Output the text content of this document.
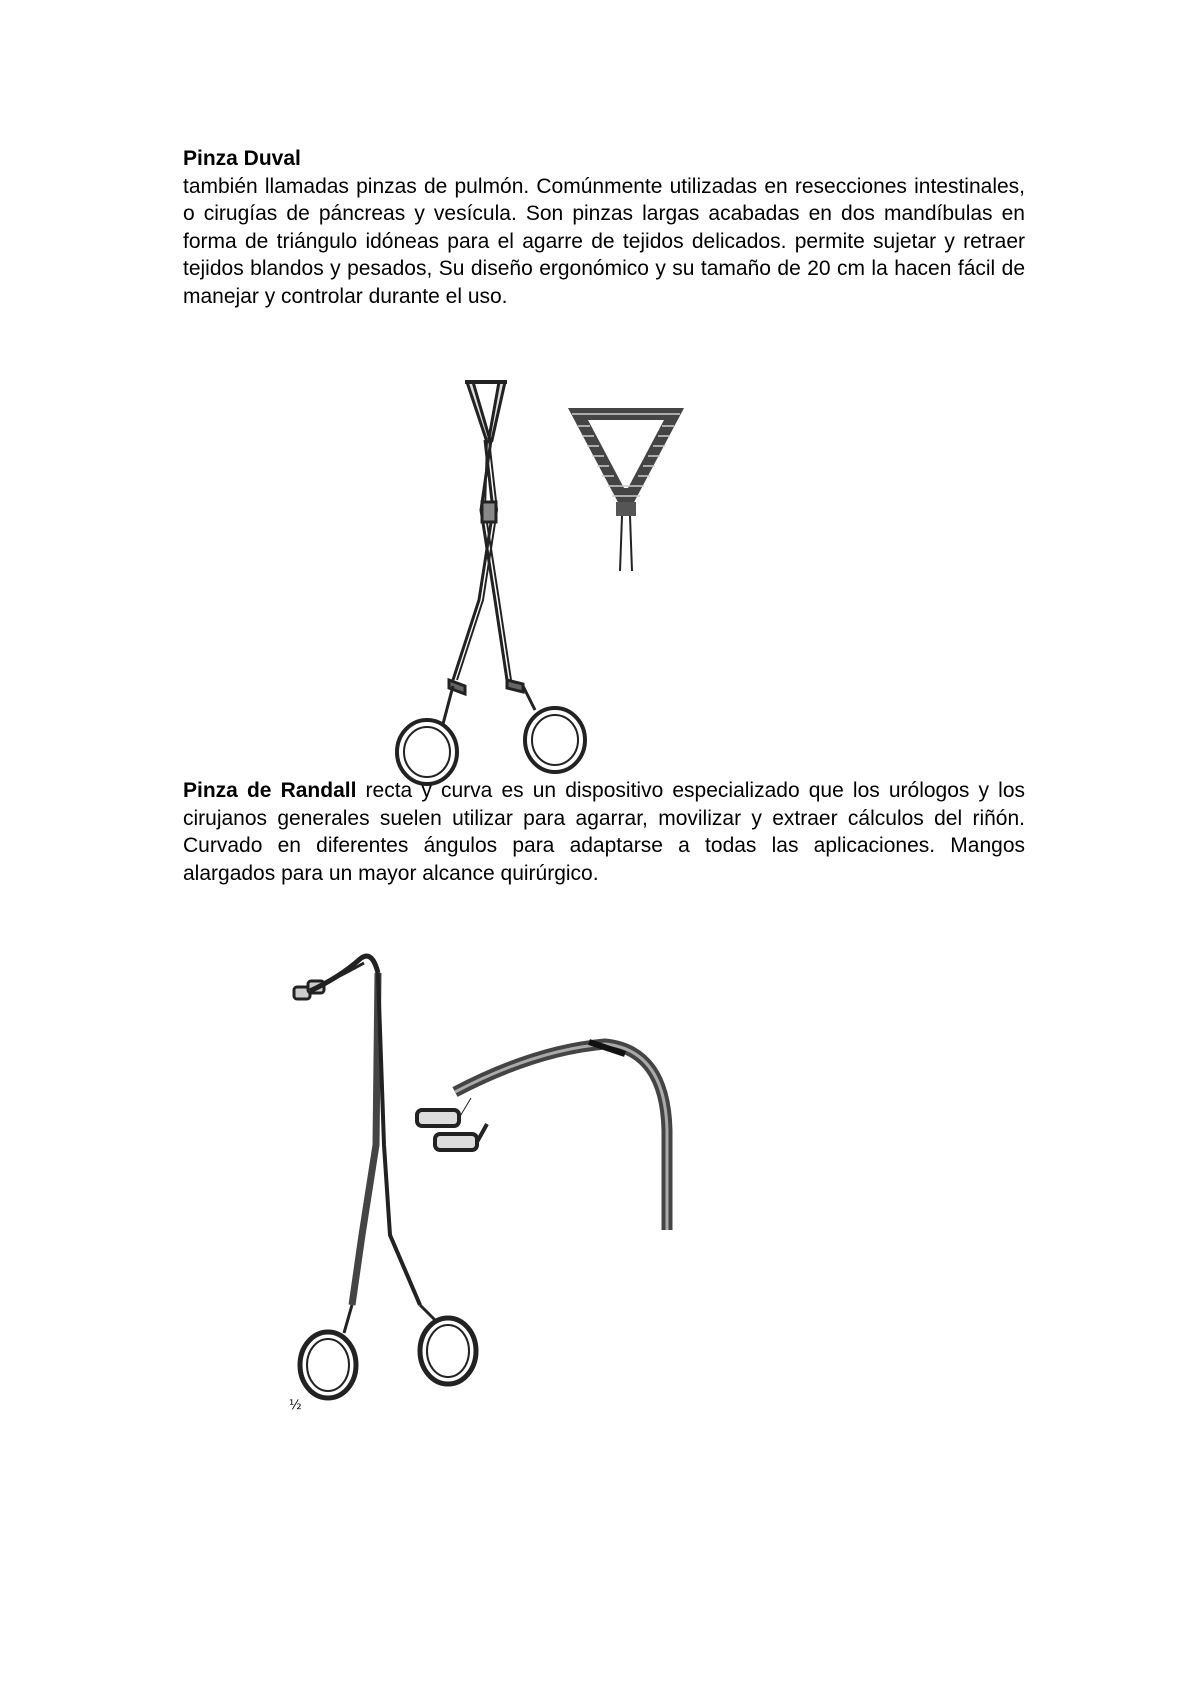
Pinza Duval
también llamadas pinzas de pulmón. Comúnmente utilizadas en resecciones intestinales, o cirugías de páncreas y vesícula. Son pinzas largas acabadas en dos mandíbulas en forma de triángulo idóneas para el agarre de tejidos delicados. permite sujetar y retraer tejidos blandos y pesados, Su diseño ergonómico y su tamaño de 20 cm la hacen fácil de manejar y controlar durante el uso.
Pinza de Randall recta y curva es un dispositivo especializado que los urólogos y los cirujanos generales suelen utilizar para agarrar, movilizar y extraer cálculos del riñón. Curvado en diferentes ángulos para adaptarse a todas las aplicaciones. Mangos alargados para un mayor alcance quirúrgico.
½
